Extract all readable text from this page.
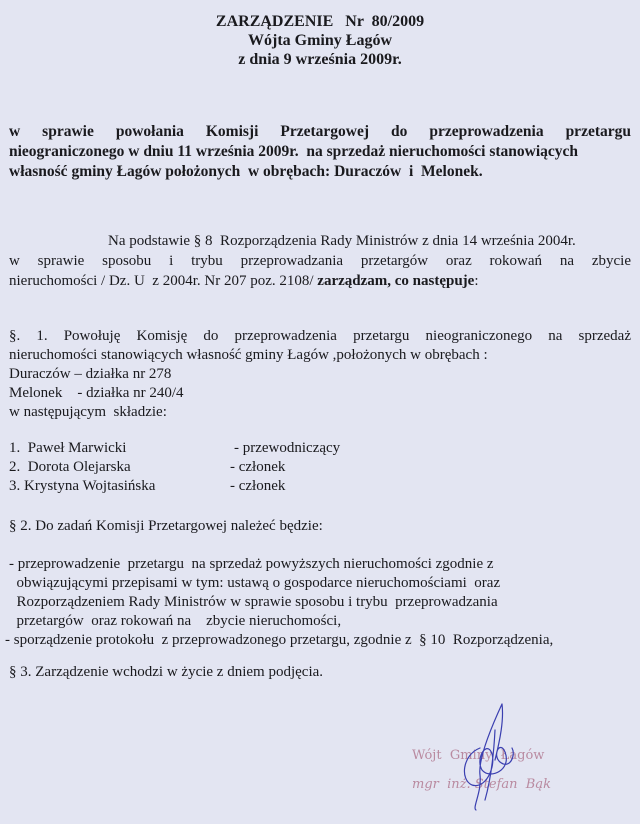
ZARZĄDZENIE   Nr  80/2009
Wójta Gminy Łagów
z dnia 9 września 2009r.
w sprawie powołania Komisji Przetargowej do przeprowadzenia przetargu
nieograniczonego w dniu 11 września 2009r.  na sprzedaż nieruchomości stanowiących
własność gminy Łagów położonych  w obrębach: Duraczów  i  Melonek.
Na podstawie § 8  Rozporządzenia Rady Ministrów z dnia 14 września 2004r.
w sprawie sposobu i trybu przeprowadzania przetargów oraz rokowań na zbycie
nieruchomości / Dz. U  z 2004r. Nr 207 poz. 2108/ zarządzam, co następuje:
§. 1. Powołuję Komisję do przeprowadzenia przetargu nieograniczonego na sprzedaż
nieruchomości stanowiących własność gminy Łagów ,położonych w obrębach :
Duraczów – działka nr 278
Melonek    - działka nr 240/4
w następującym  składzie:
1.  Paweł Marwicki	- przewodniczący
2.  Dorota Olejarska	- członek
3. Krystyna Wojtasińska	- członek
§ 2. Do zadań Komisji Przetargowej należeć będzie:
- przeprowadzenie  przetargu  na sprzedaż powyższych nieruchomości zgodnie z
obwiązującymi przepisami w tym: ustawą o gospodarce nieruchomościami  oraz
Rozporządzeniem Rady Ministrów w sprawie sposobu i trybu  przeprowadzania
przetargów  oraz rokowań na    zbycie nieruchomości,
- sporządzenie protokołu  z przeprowadzonego przetargu, zgodnie z  § 10  Rozporządzenia,
§ 3. Zarządzenie wchodzi w życie z dniem podjęcia.
Wójt  Gminy  Łagów
mgr  inż. Stefan  Bąk
